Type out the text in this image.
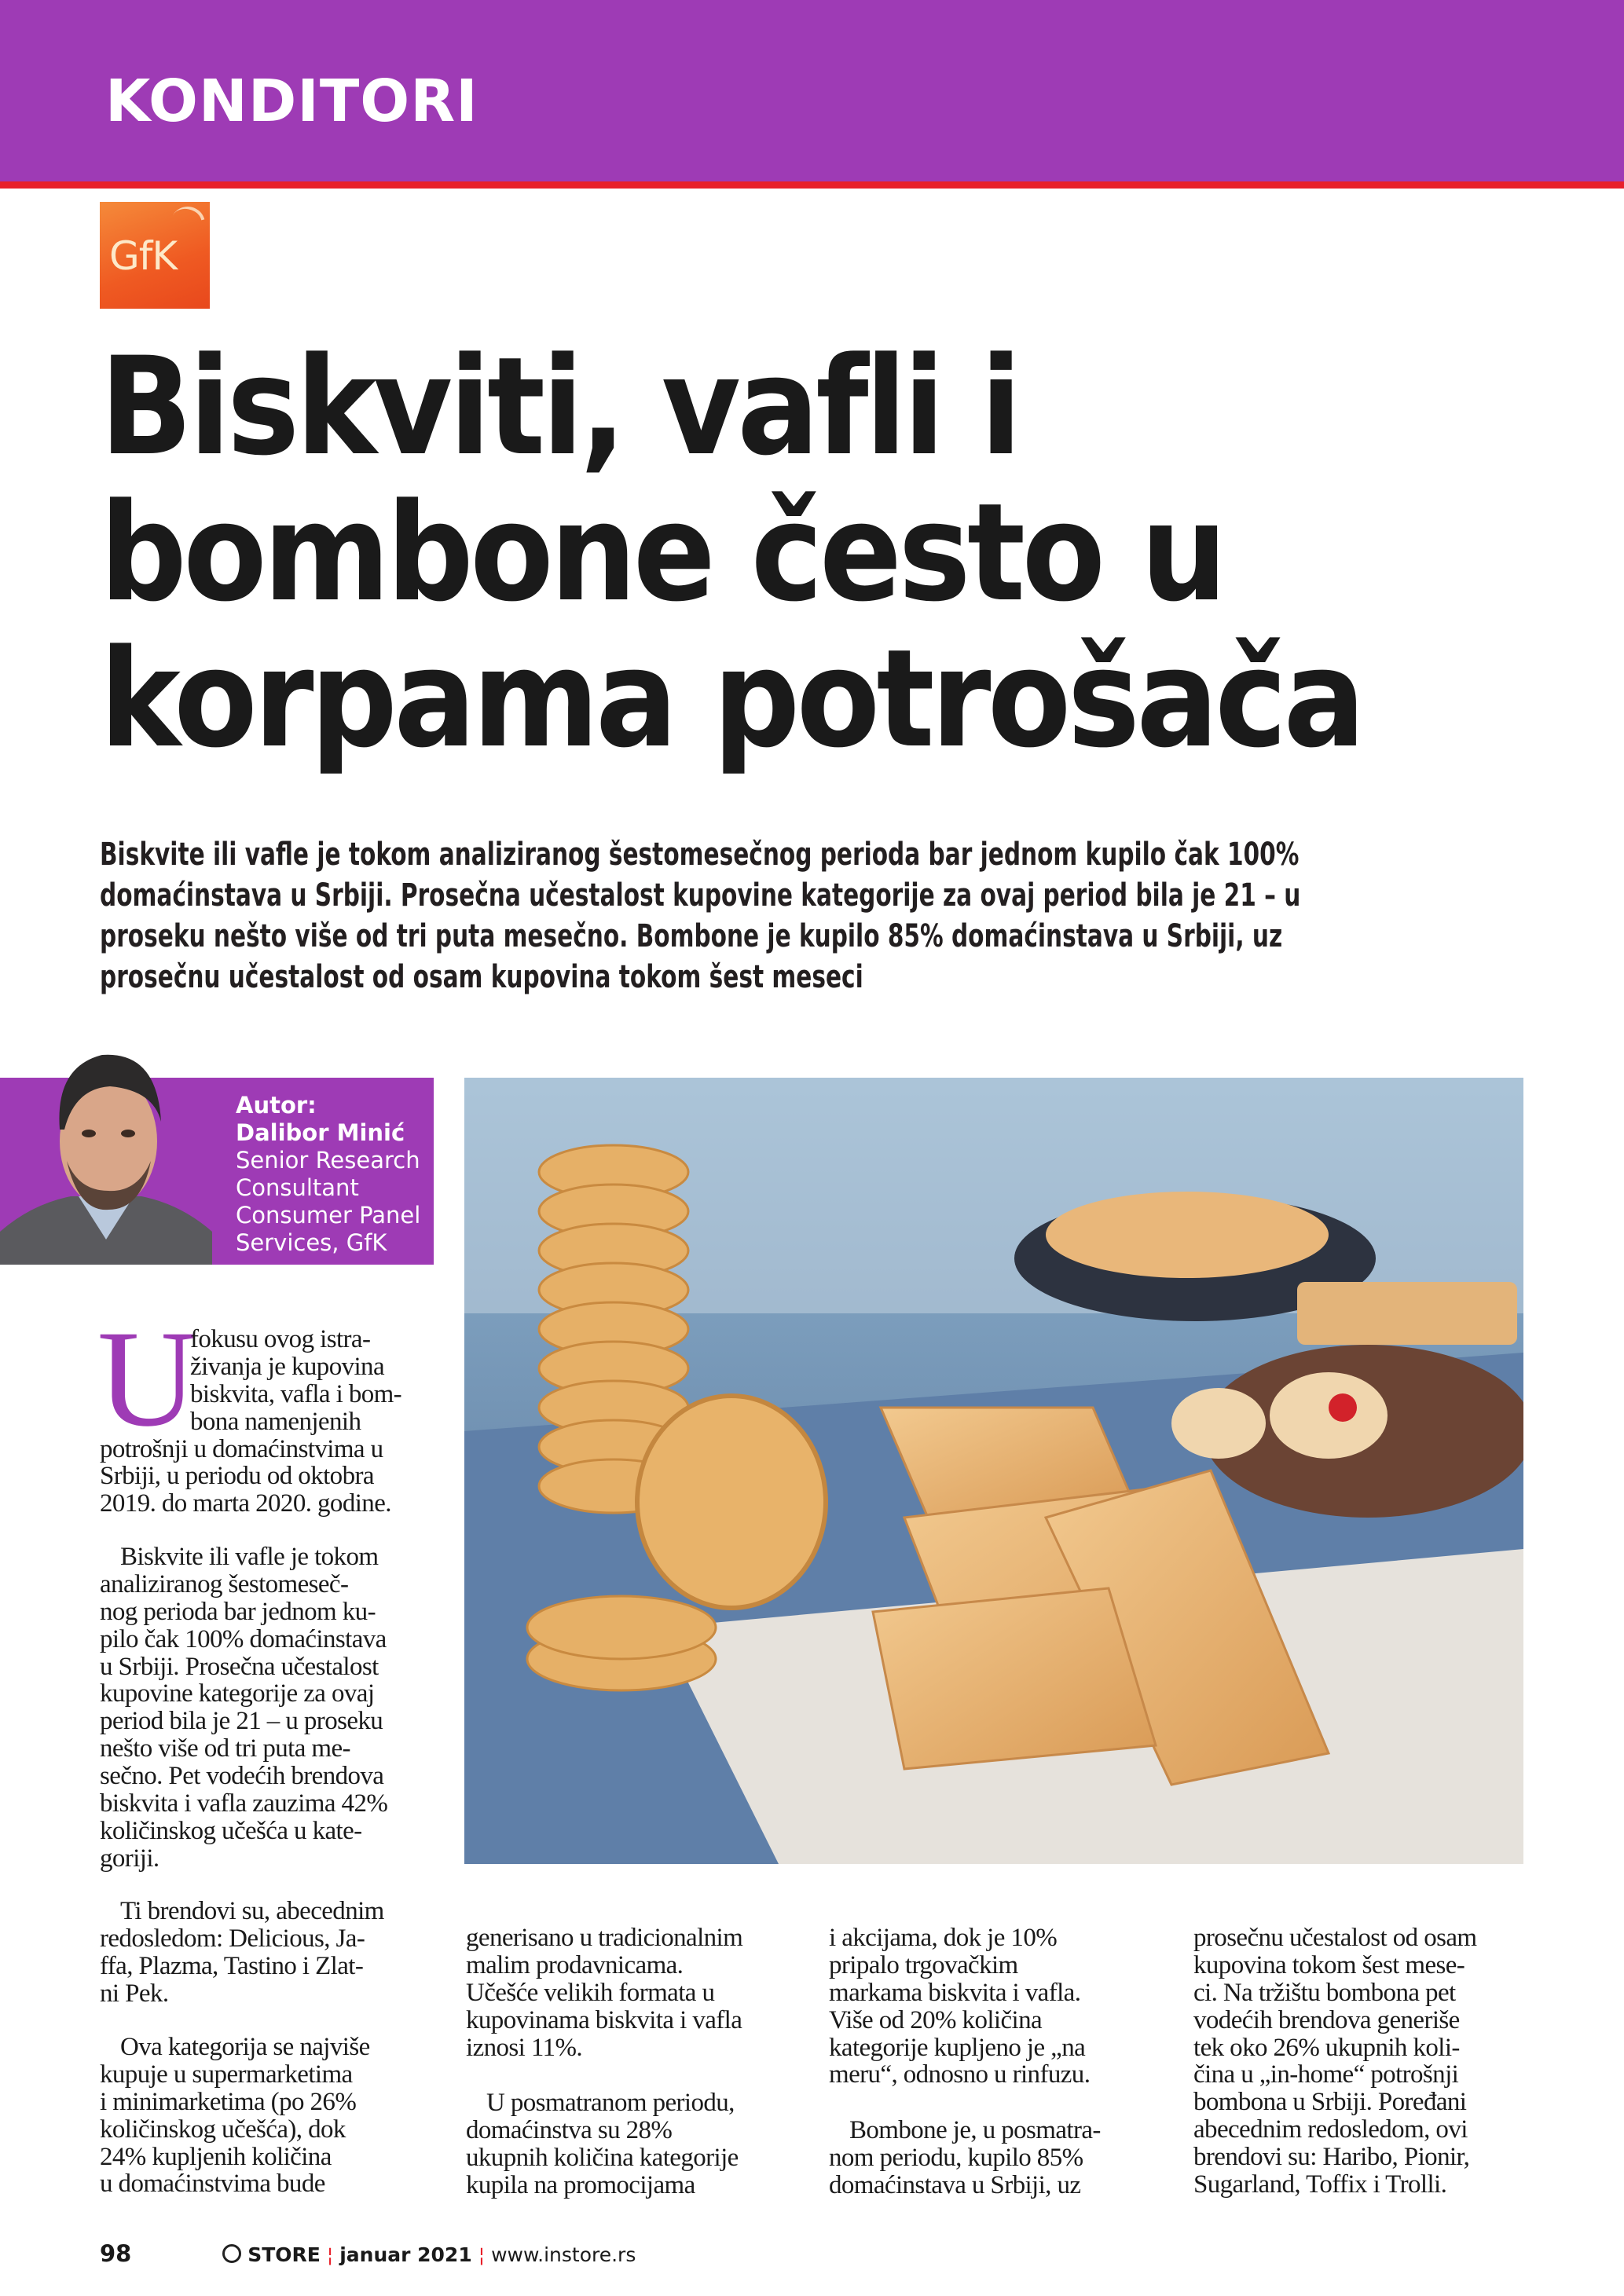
KONDITORI
GfK
Biskviti, vafli i
bombone često u
korpama potrošača
Biskvite ili vafle je tokom analiziranog šestomesečnog perioda bar jednom kupilo čak 100%
domaćinstava u Srbiji. Prosečna učestalost kupovine kategorije za ovaj period bila je 21 – u
proseku nešto više od tri puta mesečno. Bombone je kupilo 85% domaćinstava u Srbiji, uz
prosečnu učestalost od osam kupovina tokom šest meseci
Autor:
Dalibor Minić
Senior Research
Consultant
Consumer Panel
Services, GfK
U
fokusu ovog istra-
živanja je kupovina
biskvita, vafla i bom-
bona namenjenih
potrošnji u domaćinstvima u
Srbiji, u periodu od oktobra
2019. do marta 2020. godine.
Biskvite ili vafle je tokom
analiziranog šestomeseč-
nog perioda bar jednom ku-
pilo čak 100% domaćinstava
u Srbiji. Prosečna učestalost
kupovine kategorije za ovaj
period bila je 21 – u proseku
nešto više od tri puta me-
sečno. Pet vodećih brendova
biskvita i vafla zauzima 42%
količinskog učešća u kate-
goriji.
Ti brendovi su, abecednim
redosledom: Delicious, Ja-
ffa, Plazma, Tastino i Zlat-
ni Pek.
Ova kategorija se najviše
kupuje u supermarketima
i minimarketima (po 26%
količinskog učešća), dok
24% kupljenih količina
u domaćinstvima bude
generisano u tradicionalnim
malim prodavnicama.
Učešće velikih formata u
kupovinama biskvita i vafla
iznosi 11%.
U posmatranom periodu,
domaćinstva su 28%
ukupnih količina kategorije
kupila na promocijama
i akcijama, dok je 10%
pripalo trgovačkim
markama biskvita i vafla.
Više od 20% količina
kategorije kupljeno je „na
meru“, odnosno u rinfuzu.
Bombone je, u posmatra-
nom periodu, kupilo 85%
domaćinstava u Srbiji, uz
prosečnu učestalost od osam
kupovina tokom šest mese-
ci. Na tržištu bombona pet
vodećih brendova generiše
tek oko 26% ukupnih koli-
čina u „in-home“ potrošnji
bombona u Srbiji. Poređani
abecednim redosledom, ovi
brendovi su: Haribo, Pionir,
Sugarland, Toffix i Trolli.
98	STORE ¦ januar 2021 ¦ www.instore.rs
